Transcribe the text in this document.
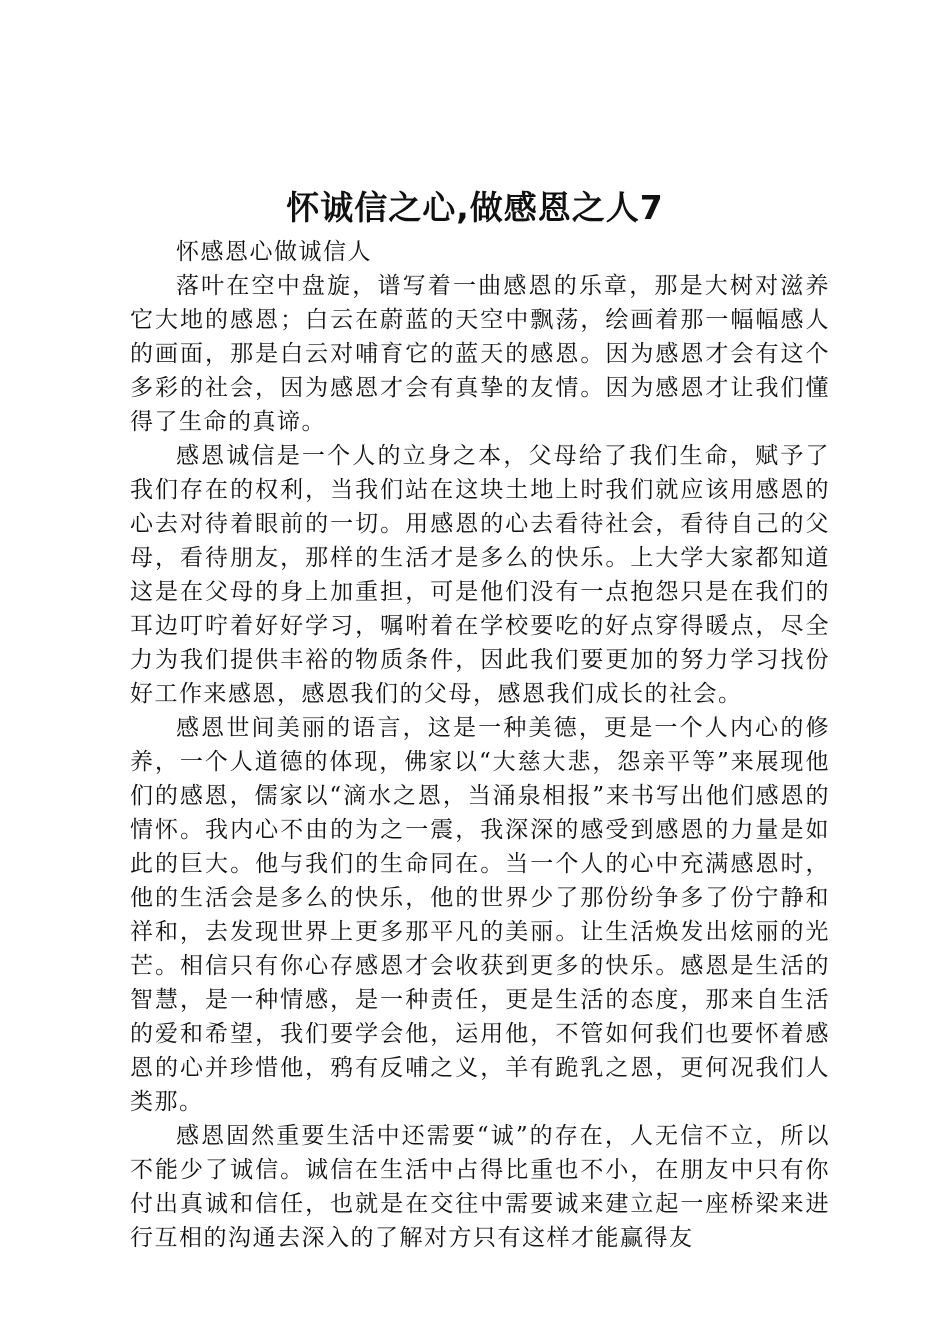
怀诚信之心,做感恩之人7

怀感恩心做诚信人

落叶在空中盘旋，谱写着一曲感恩的乐章，那是大树对滋养它大地的感恩；白云在蔚蓝的天空中飘荡，绘画着那一幅幅感人的画面，那是白云对哺育它的蓝天的感恩。因为感恩才会有这个多彩的社会，因为感恩才会有真挚的友情。因为感恩才让我们懂得了生命的真谛。

感恩诚信是一个人的立身之本，父母给了我们生命，赋予了我们存在的权利，当我们站在这块土地上时我们就应该用感恩的心去对待着眼前的一切。用感恩的心去看待社会，看待自己的父母，看待朋友，那样的生活才是多么的快乐。上大学大家都知道这是在父母的身上加重担，可是他们没有一点抱怨只是在我们的耳边叮咛着好好学习，嘱咐着在学校要吃的好点穿得暖点，尽全力为我们提供丰裕的物质条件，因此我们要更加的努力学习找份好工作来感恩，感恩我们的父母，感恩我们成长的社会。

感恩世间美丽的语言，这是一种美德，更是一个人内心的修养，一个人道德的体现，佛家以“大慈大悲，怨亲平等”来展现他们的感恩，儒家以“滴水之恩，当涌泉相报”来书写出他们感恩的情怀。我内心不由的为之一震，我深深的感受到感恩的力量是如此的巨大。他与我们的生命同在。当一个人的心中充满感恩时，他的生活会是多么的快乐，他的世界少了那份纷争多了份宁静和祥和，去发现世界上更多那平凡的美丽。让生活焕发出炫丽的光芒。相信只有你心存感恩才会收获到更多的快乐。感恩是生活的智慧，是一种情感，是一种责任，更是生活的态度，那来自生活的爱和希望，我们要学会他，运用他，不管如何我们也要怀着感恩的心并珍惜他，鸦有反哺之义，羊有跪乳之恩，更何况我们人类那。

感恩固然重要生活中还需要“诚”的存在，人无信不立，所以不能少了诚信。诚信在生活中占得比重也不小，在朋友中只有你付出真诚和信任，也就是在交往中需要诚来建立起一座桥梁来进行互相的沟通去深入的了解对方只有这样才能赢得友
